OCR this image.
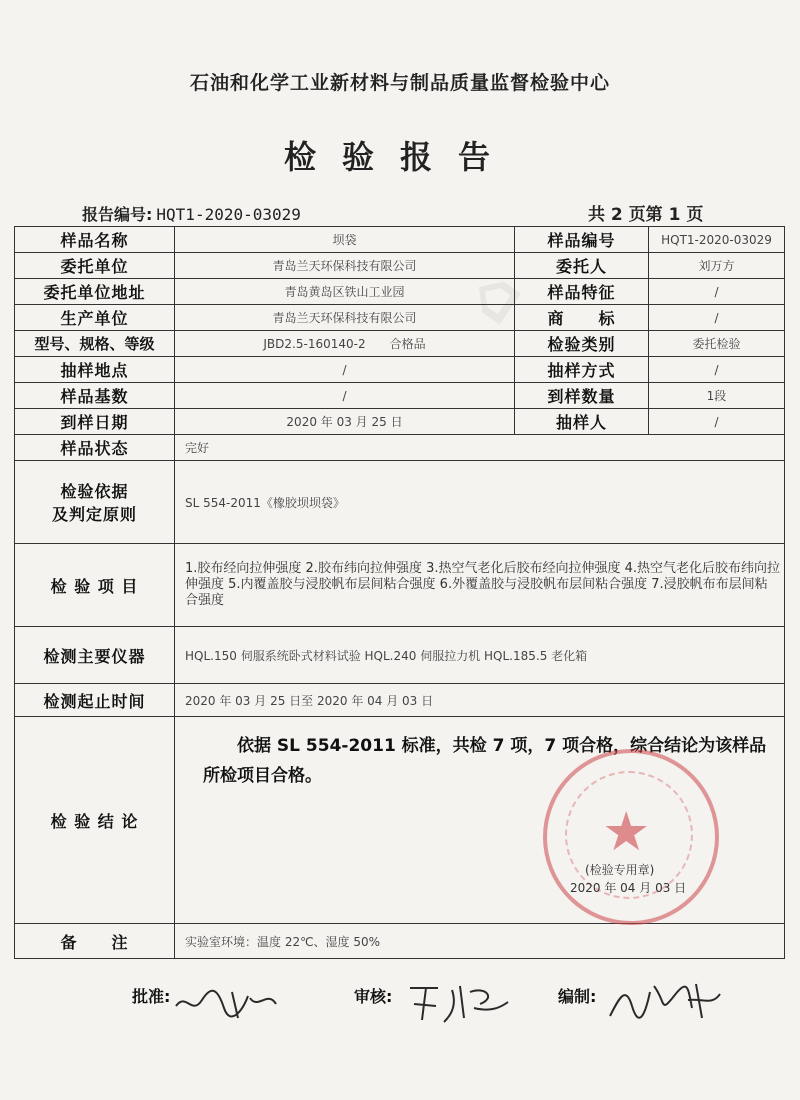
⌂
石油和化学工业新材料与制品质量监督检验中心
检验报告
报告编号: HQT1-2020-03029	共 2 页第 1 页
样品名称	坝袋	样品编号	HQT1-2020-03029
委托单位	青岛兰天环保科技有限公司	委托人	刘万方
委托单位地址	青岛黄岛区铁山工业园	样品特征	/
生产单位	青岛兰天环保科技有限公司	商　　标	/
型号、规格、等级	JBD2.5-160140-2　　合格品	检验类别	委托检验
抽样地点	/	抽样方式	/
样品基数	/	到样数量	1段
到样日期	2020 年 03 月 25 日	抽样人	/
样品状态	完好		

检验依据
及判定原则	SL 554-2011《橡胶坝坝袋》		
检 验 项 目	1.胶布经向拉伸强度 2.胶布纬向拉伸强度 3.热空气老化后胶布经向拉伸强度 4.热空气老化后胶布纬向拉伸强度 5.内覆盖胶与浸胶帆布层间粘合强度 6.外覆盖胶与浸胶帆布层间粘合强度 7.浸胶帆布布层间粘合强度		

检测主要仪器	HQL.150 伺服系统卧式材料试验 HQL.240 伺服拉力机 HQL.185.5 老化箱		
检测起止时间	2020 年 03 月 25 日至 2020 年 04 月 03 日		
检 验 结 论	依据 SL 554-2011 标准，共检 7 项，7 项合格，综合结论为该样品所检项目合格。
★
(检验专用章)
2020 年 04 月 03 日		

备　　注	实验室环境：温度 22℃、湿度 50%		
批准:	审核:	编制:
